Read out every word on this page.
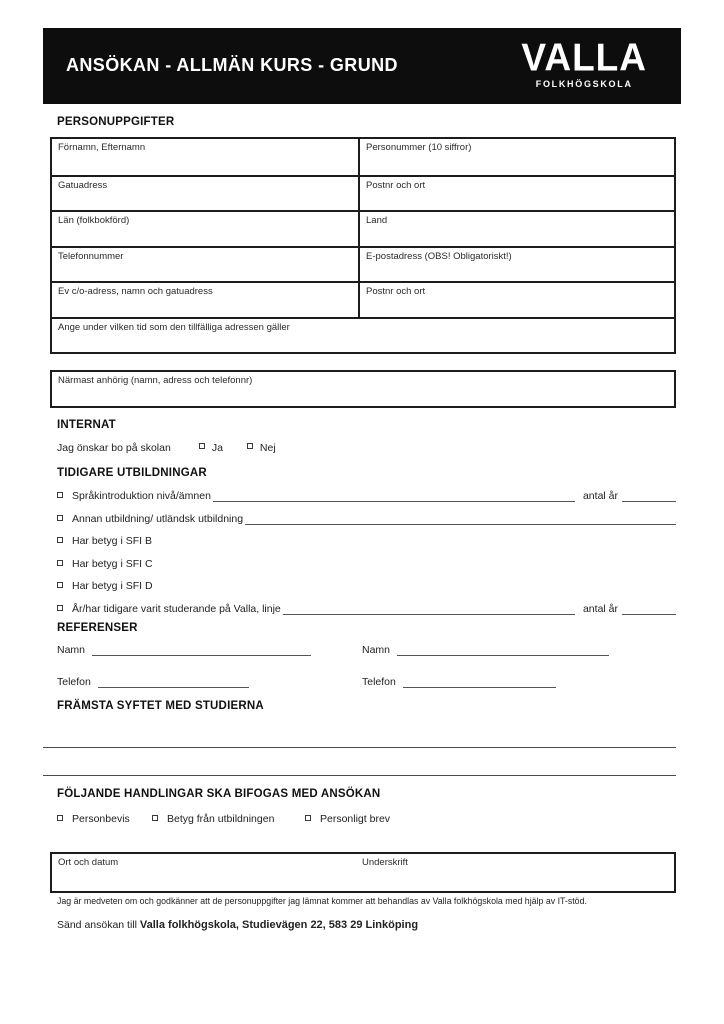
ANSÖKAN - ALLMÄN KURS - GRUND	VALLA
FOLKHÖGSKOLA
PERSONUPPGIFTER
Förnamn, Efternamn	Personummer (10 siffror)
Gatuadress	Postnr och ort
Län (folkbokförd)	Land
Telefonnummer	E-postadress (OBS! Obligatoriskt!)
Ev c/o-adress, namn och gatuadress	Postnr och ort
Ange under vilken tid som den tillfälliga adressen gäller
Närmast anhörig (namn, adress och telefonnr)
INTERNAT
Jag önskar bo på skolan	Ja	Nej
TIDIGARE UTBILDNINGAR
Språkintroduktion nivå/ämnen	antal år
Annan utbildning/ utländsk utbildning
Har betyg i SFI B
Har betyg i SFI C
Har betyg i SFI D
År/har tidigare varit studerande på Valla, linje	antal år
REFERENSER
Namn	Namn
Telefon	Telefon
FRÄMSTA SYFTET MED STUDIERNA
FÖLJANDE HANDLINGAR SKA BIFOGAS MED ANSÖKAN
Personbevis	Betyg från utbildningen	Personligt brev
Ort och datum	Underskrift
Jag är medveten om och godkänner att de personuppgifter jag lämnat kommer att behandlas av Valla folkhögskola med hjälp av IT-stöd.
Sänd ansökan till Valla folkhögskola, Studievägen 22, 583 29 Linköping
